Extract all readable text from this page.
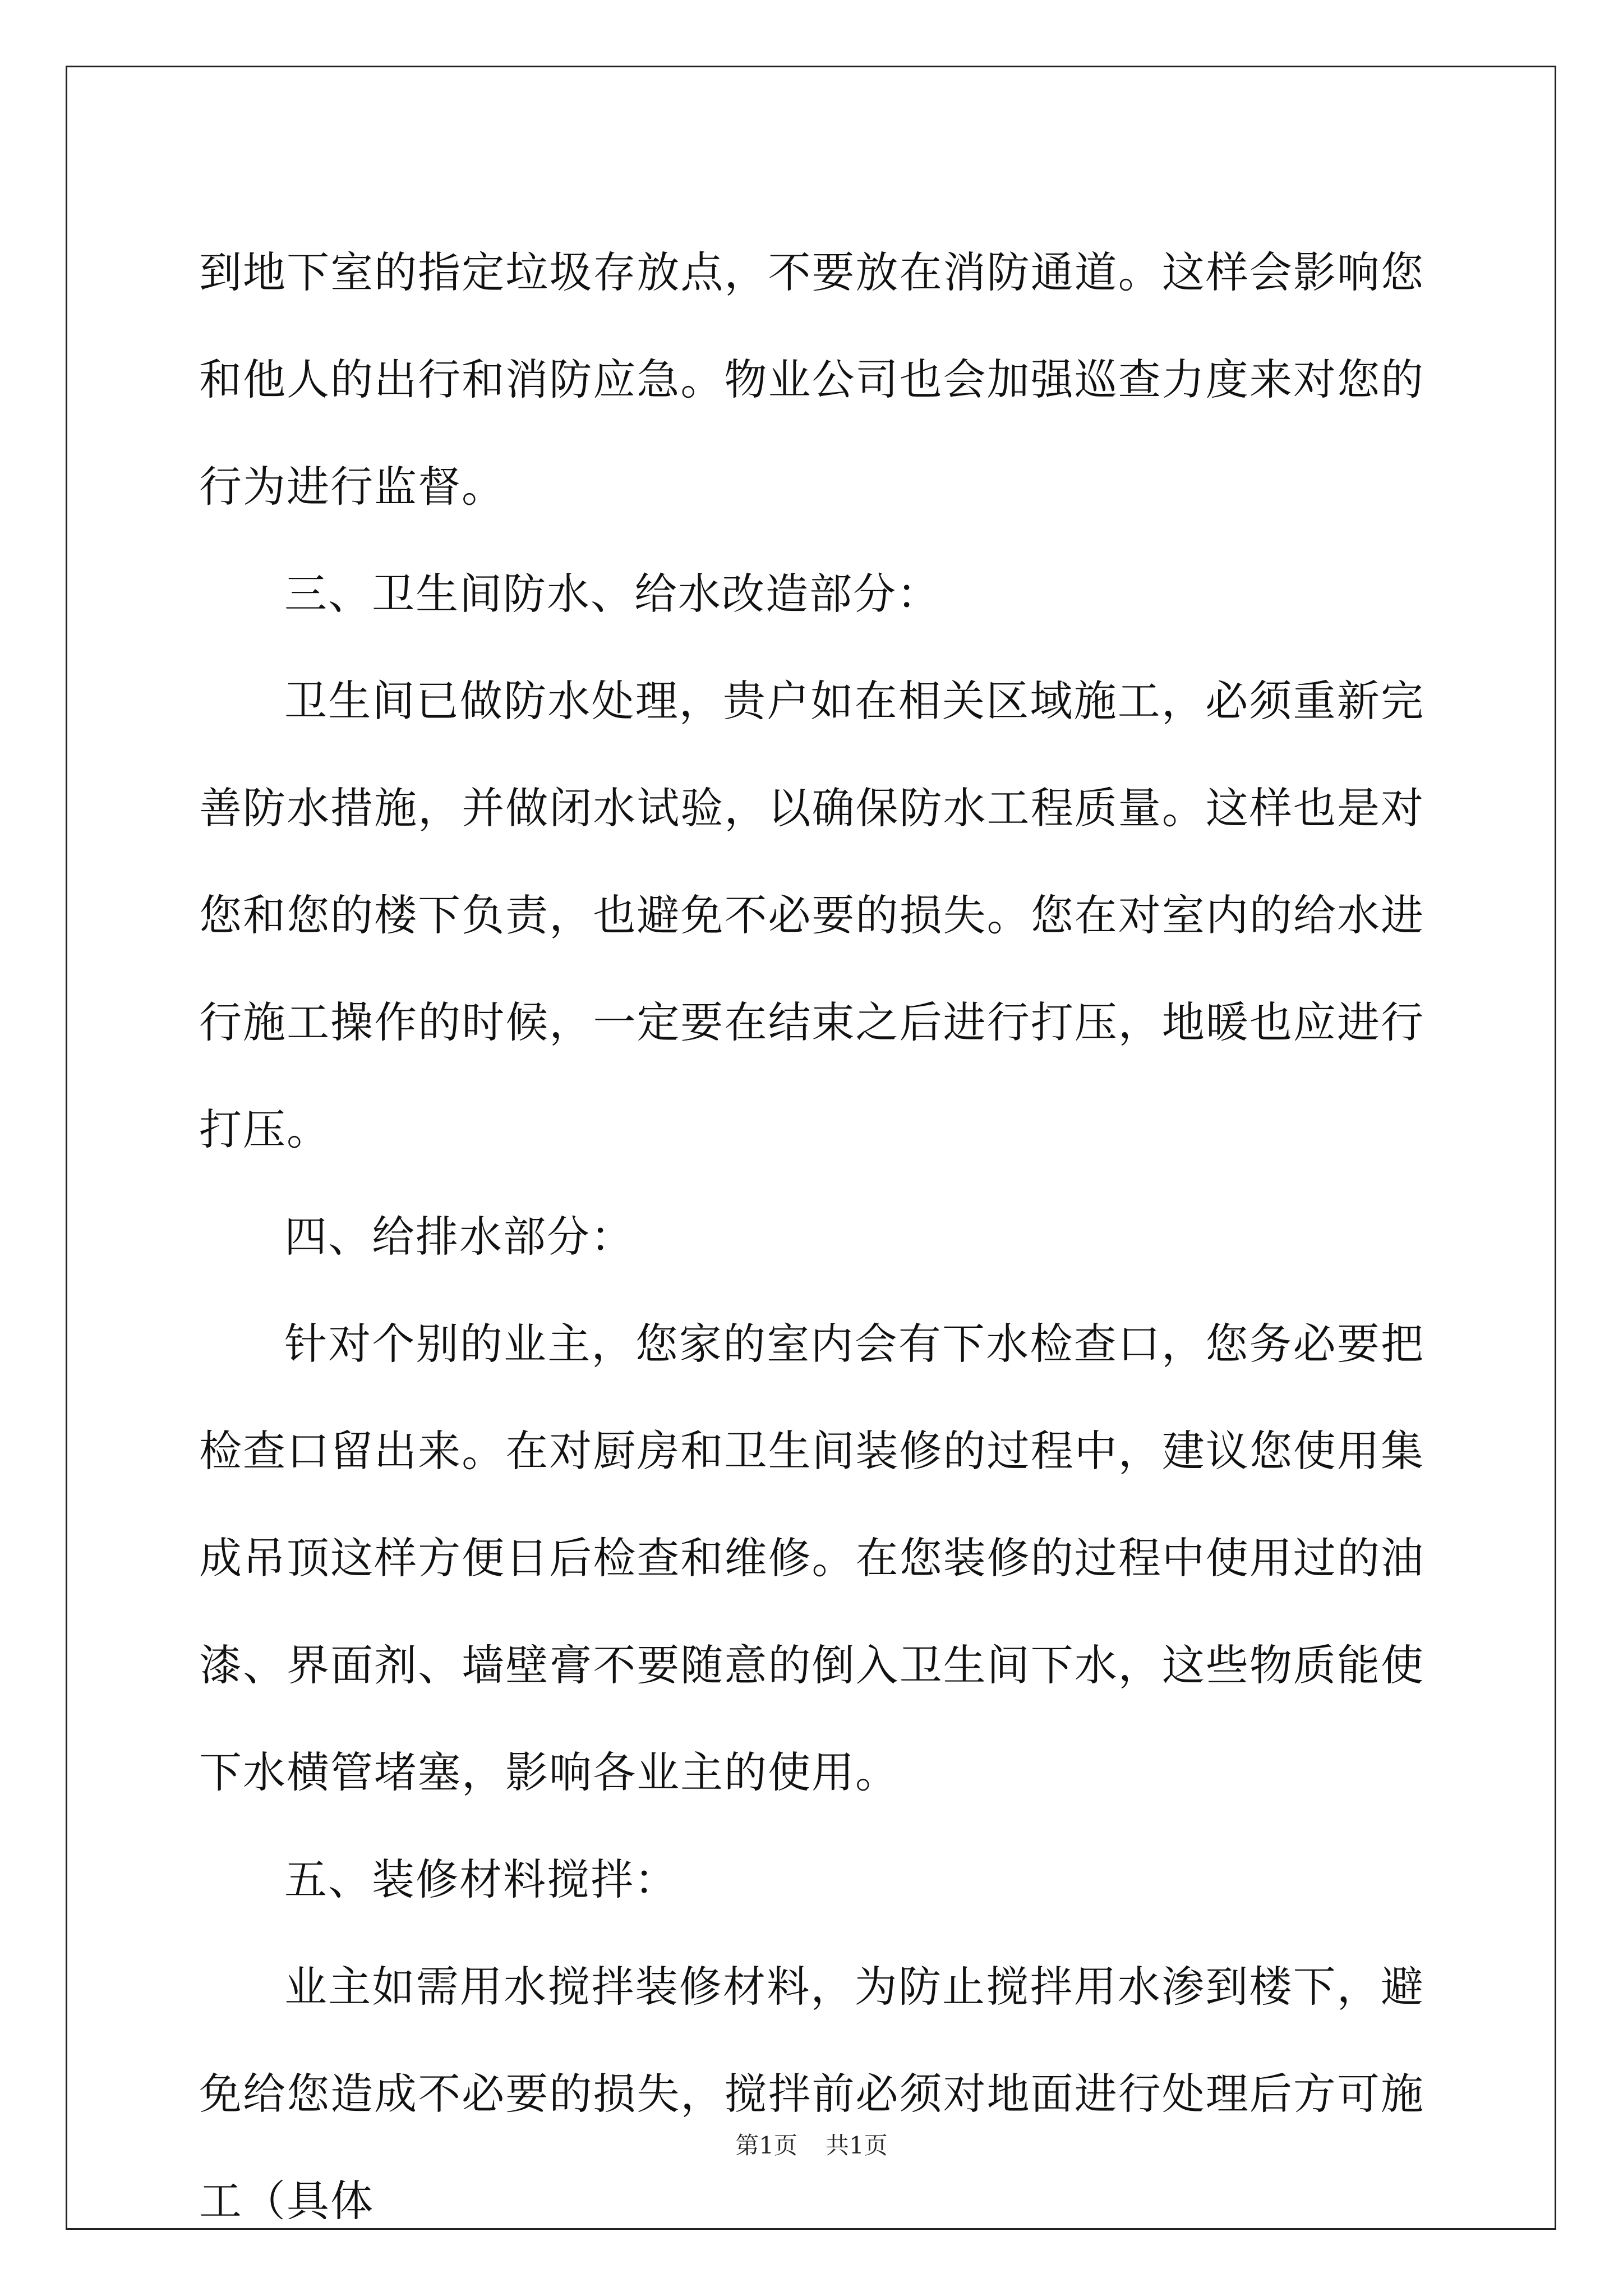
到地下室的指定垃圾存放点，不要放在消防通道。这样会影响您和他人的出行和消防应急。物业公司也会加强巡查力度来对您的行为进行监督。

三、卫生间防水、给水改造部分：

卫生间已做防水处理，贵户如在相关区域施工，必须重新完善防水措施，并做闭水试验，以确保防水工程质量。这样也是对您和您的楼下负责，也避免不必要的损失。您在对室内的给水进行施工操作的时候，一定要在结束之后进行打压，地暖也应进行打压。

四、给排水部分：

针对个别的业主，您家的室内会有下水检查口，您务必要把检查口留出来。在对厨房和卫生间装修的过程中，建议您使用集成吊顶这样方便日后检查和维修。在您装修的过程中使用过的油漆、界面剂、墙壁膏不要随意的倒入卫生间下水，这些物质能使下水横管堵塞，影响各业主的使用。

五、装修材料搅拌：

业主如需用水搅拌装修材料，为防止搅拌用水渗到楼下，避免给您造成不必要的损失，搅拌前必须对地面进行处理后方可施工（具体

第1页 共1页
